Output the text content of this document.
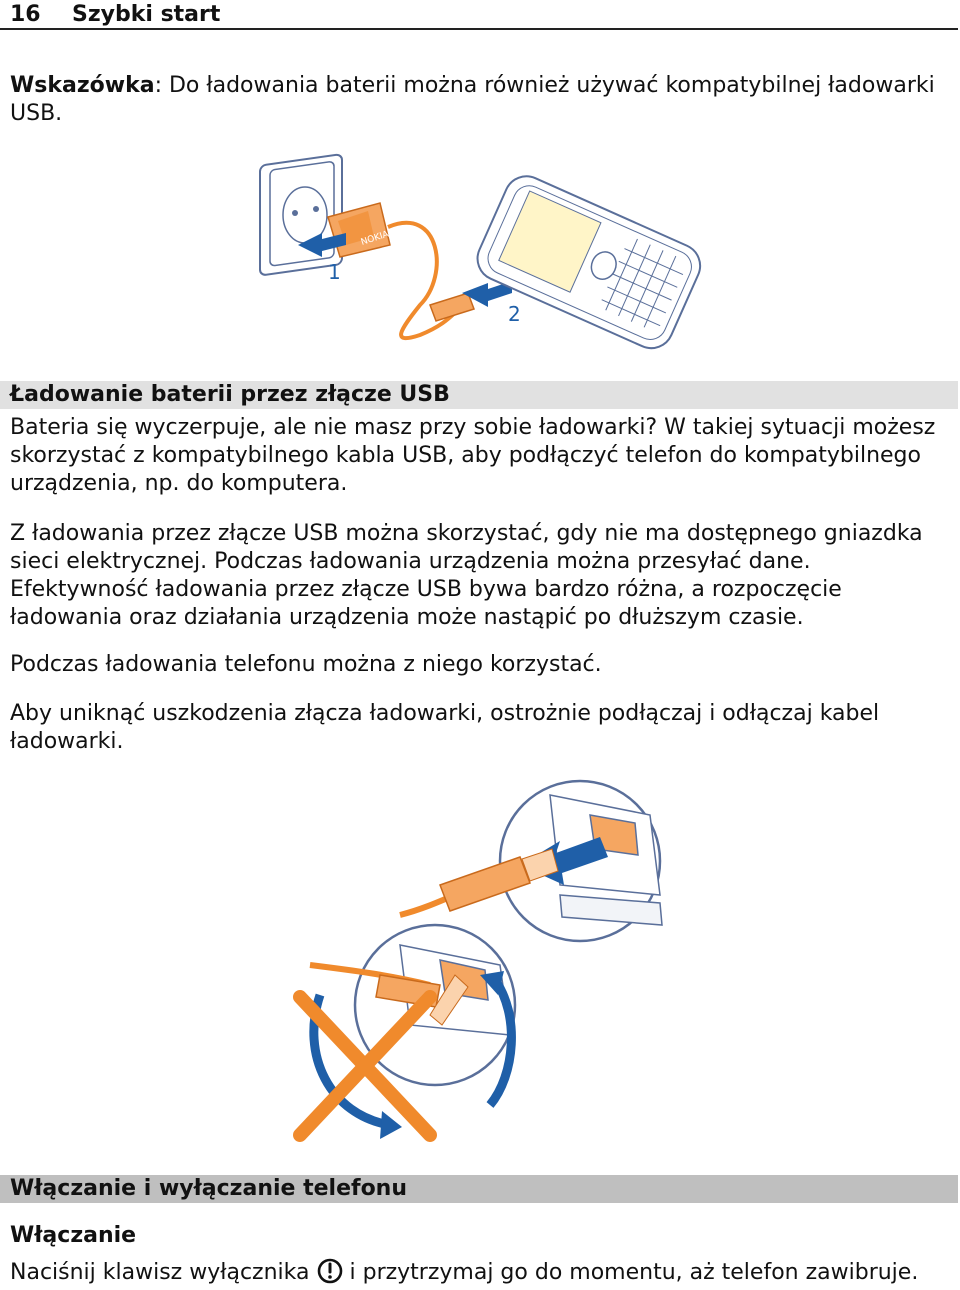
16 Szybki start

Wskazówka: Do ładowania baterii można również używać kompatybilnej ładowarki USB.

NOKIA
1
2
Ładowanie baterii przez złącze USB

Bateria się wyczerpuje, ale nie masz przy sobie ładowarki? W takiej sytuacji możesz skorzystać z kompatybilnego kabla USB, aby podłączyć telefon do kompatybilnego urządzenia, np. do komputera.

Z ładowania przez złącze USB można skorzystać, gdy nie ma dostępnego gniazdka sieci elektrycznej. Podczas ładowania urządzenia można przesyłać dane. Efektywność ładowania przez złącze USB bywa bardzo różna, a rozpoczęcie ładowania oraz działania urządzenia może nastąpić po dłuższym czasie.

Podczas ładowania telefonu można z niego korzystać.

Aby uniknąć uszkodzenia złącza ładowarki, ostrożnie podłączaj i odłączaj kabel ładowarki.

Włączanie i wyłączanie telefonu
Włączanie

Naciśnij klawisz wyłącznika  i przytrzymaj go do momentu, aż telefon zawibruje.
